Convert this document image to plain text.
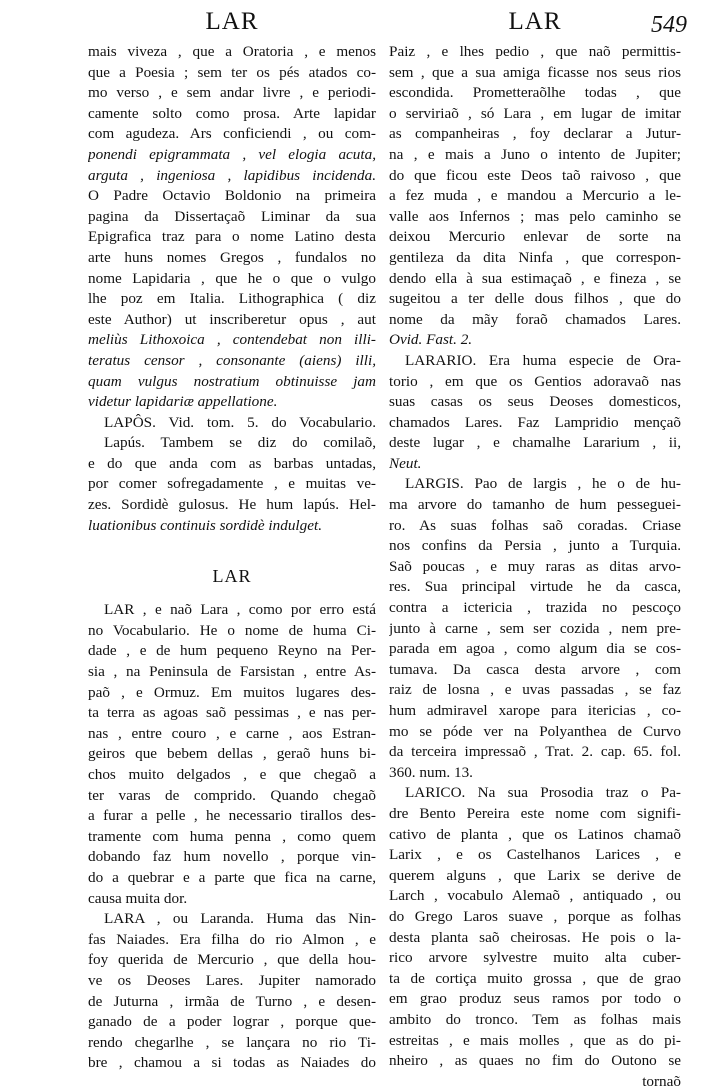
LAR
mais viveza , que a Oratoria , e menos
que a Poesia ; sem ter os pés atados co-
mo verso , e sem andar livre , e periodi-
camente solto como prosa. Arte lapidar
com agudeza. Ars conficiendi , ou com-
ponendi epigrammata , vel elogia acuta,
arguta , ingeniosa , lapidibus incidenda.
O Padre Octavio Boldonio na primeira
pagina da Dissertaçaõ Liminar da sua
Epigrafica traz para o nome Latino desta
arte huns nomes Gregos , fundalos no
nome Lapidaria , que he o que o vulgo
lhe poz em Italia. Lithographica ( diz
este Author) ut inscriberetur opus , aut
meliùs Lithoxoica , contendebat non illi-
teratus censor , consonante (aiens) illi,
quam vulgus nostratium obtinuisse jam
videtur lapidariæ appellatione.
LAPÔS. Vid. tom. 5. do Vocabulario.
Lapús. Tambem se diz do comilaõ,
e do que anda com as barbas untadas,
por comer sofregadamente , e muitas ve-
zes. Sordidè gulosus. He hum lapús. Hel-
luationibus continuis sordidè indulget.
LAR
LAR , e naõ Lara , como por erro está
no Vocabulario. He o nome de huma Ci-
dade , e de hum pequeno Reyno na Per-
sia , na Peninsula de Farsistan , entre As-
paõ , e Ormuz. Em muitos lugares des-
ta terra as agoas saõ pessimas , e nas per-
nas , entre couro , e carne , aos Estran-
geiros que bebem dellas , geraõ huns bi-
chos muito delgados , e que chegaõ a
ter varas de comprido. Quando chegaõ
a furar a pelle , he necessario tirallos des-
tramente com huma penna , como quem
dobando faz hum novello , porque vin-
do a quebrar e a parte que fica na carne,
causa muita dor.
LARA , ou Laranda. Huma das Nin-
fas Naiades. Era filha do rio Almon , e
foy querida de Mercurio , que della hou-
ve os Deoses Lares. Jupiter namorado
de Juturna , irmãa de Turno , e desen-
ganado de a poder lograr , porque que-
rendo chegarlhe , se lançara no rio Ti-
bre , chamou a si todas as Naiades do
LAR	549
Paiz , e lhes pedio , que naõ permittis-
sem , que a sua amiga ficasse nos seus rios
escondida. Prometteraõlhe todas , que
o serviriaõ , só Lara , em lugar de imitar
as companheiras , foy declarar a Jutur-
na , e mais a Juno o intento de Jupiter;
do que ficou este Deos taõ raivoso , que
a fez muda , e mandou a Mercurio a le-
valle aos Infernos ; mas pelo caminho se
deixou Mercurio enlevar de sorte na
gentileza da dita Ninfa , que correspon-
dendo ella à sua estimaçaõ , e fineza , se
sugeitou a ter delle dous filhos , que do
nome da mãy foraõ chamados Lares.
Ovid. Fast. 2.
LARARIO. Era huma especie de Ora-
torio , em que os Gentios adoravaõ nas
suas casas os seus Deoses domesticos,
chamados Lares. Faz Lampridio mençaõ
deste lugar , e chamalhe Lararium , ii,
Neut.
LARGIS. Pao de largis , he o de hu-
ma arvore do tamanho de hum pesseguei-
ro. As suas folhas saõ coradas. Criase
nos confins da Persia , junto a Turquia.
Saõ poucas , e muy raras as ditas arvo-
res. Sua principal virtude he da casca,
contra a ictericia , trazida no pescoço
junto à carne , sem ser cozida , nem pre-
parada em agoa , como algum dia se cos-
tumava. Da casca desta arvore , com
raiz de losna , e uvas passadas , se faz
hum admiravel xarope para itericias , co-
mo se póde ver na Polyanthea de Curvo
da terceira impressaõ , Trat. 2. cap. 65. fol.
360. num. 13.
LARICO. Na sua Prosodia traz o Pa-
dre Bento Pereira este nome com signifi-
cativo de planta , que os Latinos chamaõ
Larix , e os Castelhanos Larices , e
querem alguns , que Larix se derive de
Larch , vocabulo Alemaõ , antiquado , ou
do Grego Laros suave , porque as folhas
desta planta saõ cheirosas. He pois o la-
rico arvore sylvestre muito alta cuber-
ta de cortiça muito grossa , que de grao
em grao produz seus ramos por todo o
ambito do tronco. Tem as folhas mais
estreitas , e mais molles , que as do pi-
nheiro , as quaes no fim do Outono se
tornaõ
